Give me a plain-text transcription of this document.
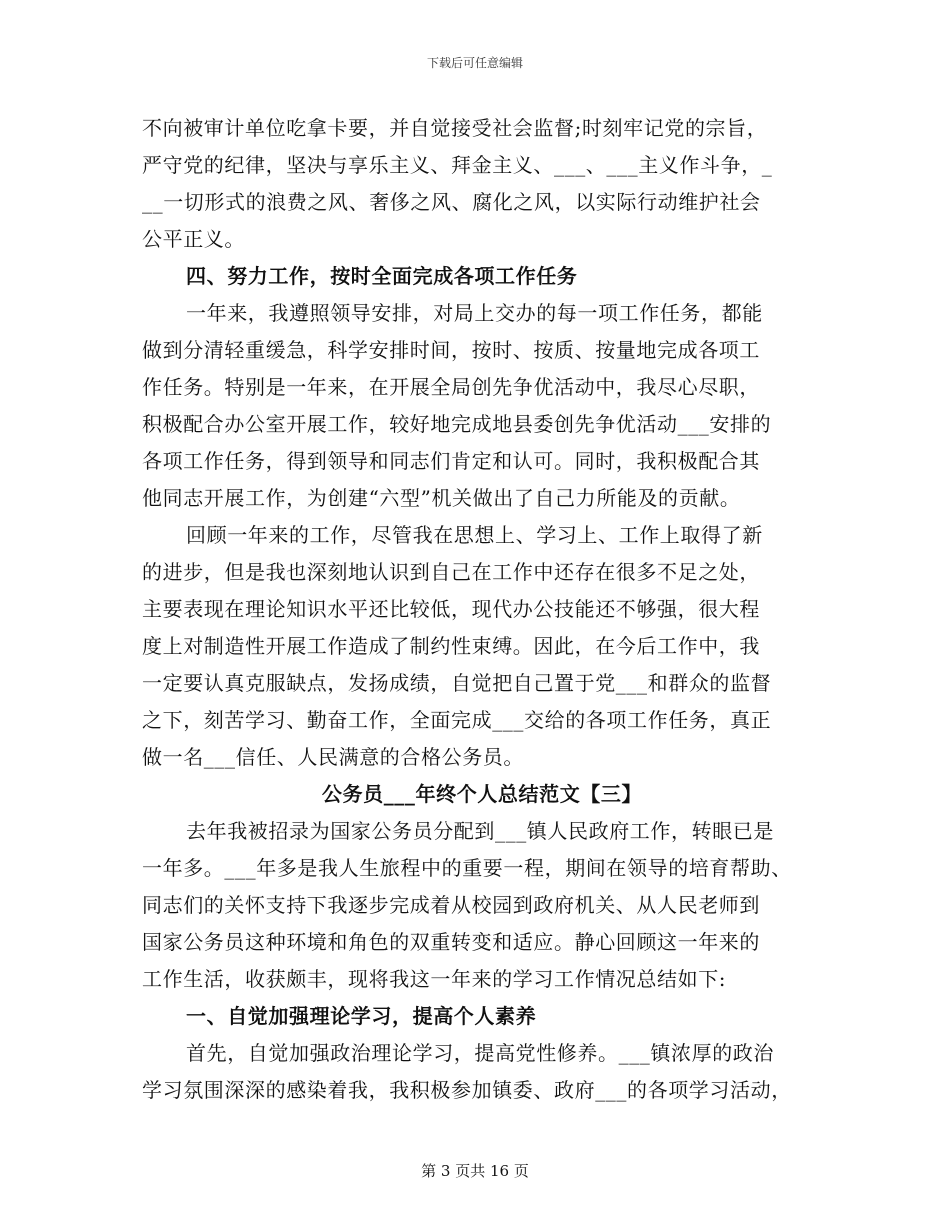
下载后可任意编辑
不向被审计单位吃拿卡要，并自觉接受社会监督;时刻牢记党的宗旨，
严守党的纪律，坚决与享乐主义、拜金主义、___、___主义作斗争，_
__一切形式的浪费之风、奢侈之风、腐化之风，以实际行动维护社会
公平正义。
四、努力工作，按时全面完成各项工作任务
一年来，我遵照领导安排，对局上交办的每一项工作任务，都能
做到分清轻重缓急，科学安排时间，按时、按质、按量地完成各项工
作任务。特别是一年来，在开展全局创先争优活动中，我尽心尽职，
积极配合办公室开展工作，较好地完成地县委创先争优活动___安排的
各项工作任务，得到领导和同志们肯定和认可。同时，我积极配合其
他同志开展工作，为创建“六型”机关做出了自己力所能及的贡献。
回顾一年来的工作，尽管我在思想上、学习上、工作上取得了新
的进步，但是我也深刻地认识到自己在工作中还存在很多不足之处，
主要表现在理论知识水平还比较低，现代办公技能还不够强，很大程
度上对制造性开展工作造成了制约性束缚。因此，在今后工作中，我
一定要认真克服缺点，发扬成绩，自觉把自己置于党___和群众的监督
之下，刻苦学习、勤奋工作，全面完成___交给的各项工作任务，真正
做一名___信任、人民满意的合格公务员。
公务员___年终个人总结范文【三】
去年我被招录为国家公务员分配到___镇人民政府工作，转眼已是
一年多。___年多是我人生旅程中的重要一程，期间在领导的培育帮助、
同志们的关怀支持下我逐步完成着从校园到政府机关、从人民老师到
国家公务员这种环境和角色的双重转变和适应。静心回顾这一年来的
工作生活，收获颇丰，现将我这一年来的学习工作情况总结如下:
一、自觉加强理论学习，提高个人素养
首先，自觉加强政治理论学习，提高党性修养。___镇浓厚的政治
学习氛围深深的感染着我，我积极参加镇委、政府___的各项学习活动，
第 3 页共 16 页
